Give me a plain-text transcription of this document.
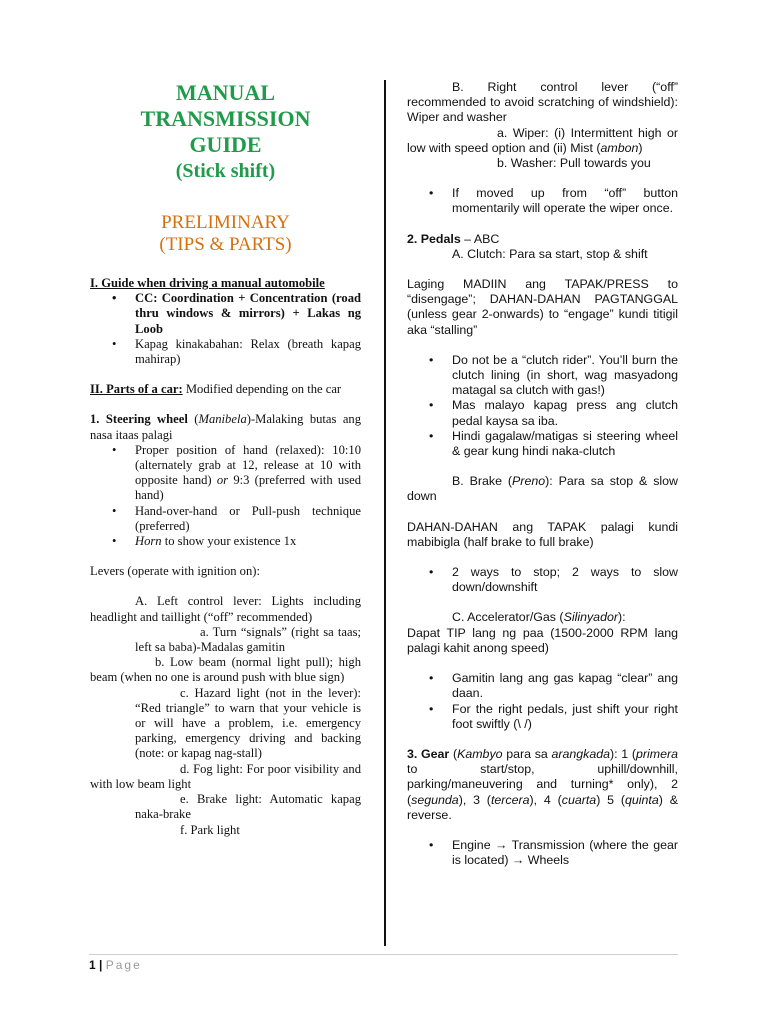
MANUAL
TRANSMISSION
GUIDE
(Stick shift)
PRELIMINARY
(TIPS & PARTS)

I. Guide when driving a manual automobile

• CC: Coordination + Concentration (road thru windows & mirrors) + Lakas ng Loob
• Kapag kinakabahan: Relax (breath kapag mahirap)

II. Parts of a car: Modified depending on the car

1. Steering wheel (Manibela)-Malaking butas ang nasa itaas palagi

• Proper position of hand (relaxed): 10:10 (alternately grab at 12, release at 10 with opposite hand) or 9:3 (preferred with used hand)
• Hand-over-hand or Pull-push technique (preferred)
• Horn to show your existence 1x

Levers (operate with ignition on):

A. Left control lever: Lights including headlight and taillight (“off” recommended)

a. Turn “signals” (right sa taas; left sa baba)-Madalas gamitin

b. Low beam (normal light pull); high beam (when no one is around push with blue sign)

c. Hazard light (not in the lever): “Red triangle” to warn that your vehicle is or will have a problem, i.e. emergency parking, emergency driving and backing (note: or kapag nag-stall)

d. Fog light: For poor visibility and with low beam light

e. Brake light: Automatic kapag naka-brake

f. Park light

B. Right control lever (“off” recommended to avoid scratching of windshield): Wiper and washer

a. Wiper: (i) Intermittent high or low with speed option and (ii) Mist (ambon)

b. Washer: Pull towards you

• If moved up from “off” button momentarily will operate the wiper once.

2. Pedals – ABC

A. Clutch: Para sa start, stop & shift

Laging MADIIN ang TAPAK/PRESS to “disengage”; DAHAN-DAHAN PAGTANGGAL (unless gear 2-onwards) to “engage” kundi titigil aka “stalling”

• Do not be a “clutch rider”. You’ll burn the clutch lining (in short, wag masyadong matagal sa clutch with gas!)
• Mas malayo kapag press ang clutch pedal kaysa sa iba.
• Hindi gagalaw/matigas si steering wheel & gear kung hindi naka-clutch

B. Brake (Preno): Para sa stop & slow down

DAHAN-DAHAN ang TAPAK palagi kundi mabibigla (half brake to full brake)

• 2 ways to stop; 2 ways to slow down/downshift

C. Accelerator/Gas (Silinyador):

Dapat TIP lang ng paa (1500-2000 RPM lang palagi kahit anong speed)

• Gamitin lang ang gas kapag “clear” ang daan.
• For the right pedals, just shift your right foot swiftly (\ /)

3. Gear (Kambyo para sa arangkada): 1 (primera to start/stop, uphill/downhill, parking/maneuvering and turning* only), 2 (segunda), 3 (tercera), 4 (cuarta) 5 (quinta) & reverse.

• Engine → Transmission (where the gear is located) → Wheels
1 | Page
